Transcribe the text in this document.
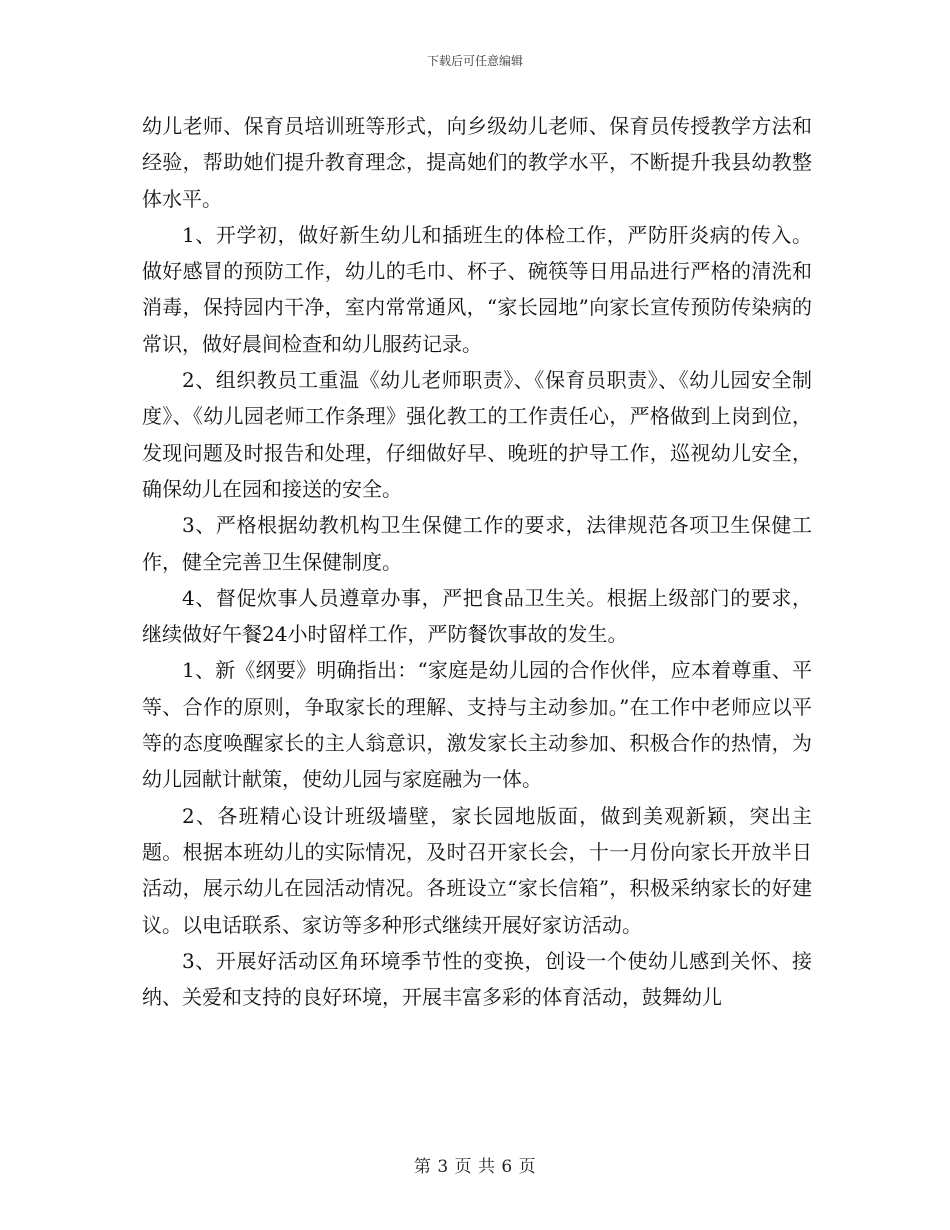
下载后可任意编辑

幼儿老师、保育员培训班等形式，向乡级幼儿老师、保育员传授教学方法和经验，帮助她们提升教育理念，提高她们的教学水平，不断提升我县幼教整体水平。

1、开学初，做好新生幼儿和插班生的体检工作，严防肝炎病的传入。做好感冒的预防工作，幼儿的毛巾、杯子、碗筷等日用品进行严格的清洗和消毒，保持园内干净，室内常常通风，“家长园地”向家长宣传预防传染病的常识，做好晨间检查和幼儿服药记录。

2、组织教员工重温《幼儿老师职责》、《保育员职责》、《幼儿园安全制度》、《幼儿园老师工作条理》强化教工的工作责任心，严格做到上岗到位，发现问题及时报告和处理，仔细做好早、晚班的护导工作，巡视幼儿安全，确保幼儿在园和接送的安全。

3、严格根据幼教机构卫生保健工作的要求，法律规范各项卫生保健工作，健全完善卫生保健制度。

4、督促炊事人员遵章办事，严把食品卫生关。根据上级部门的要求，继续做好午餐24小时留样工作，严防餐饮事故的发生。

1、新《纲要》明确指出：“家庭是幼儿园的合作伙伴，应本着尊重、平等、合作的原则，争取家长的理解、支持与主动参加。”在工作中老师应以平等的态度唤醒家长的主人翁意识，激发家长主动参加、积极合作的热情，为幼儿园献计献策，使幼儿园与家庭融为一体。

2、各班精心设计班级墙壁，家长园地版面，做到美观新颖，突出主题。根据本班幼儿的实际情况，及时召开家长会，十一月份向家长开放半日活动，展示幼儿在园活动情况。各班设立“家长信箱”，积极采纳家长的好建议。以电话联系、家访等多种形式继续开展好家访活动。

3、开展好活动区角环境季节性的变换，创设一个使幼儿感到关怀、接纳、关爱和支持的良好环境，开展丰富多彩的体育活动，鼓舞幼儿

第 3 页 共 6 页
